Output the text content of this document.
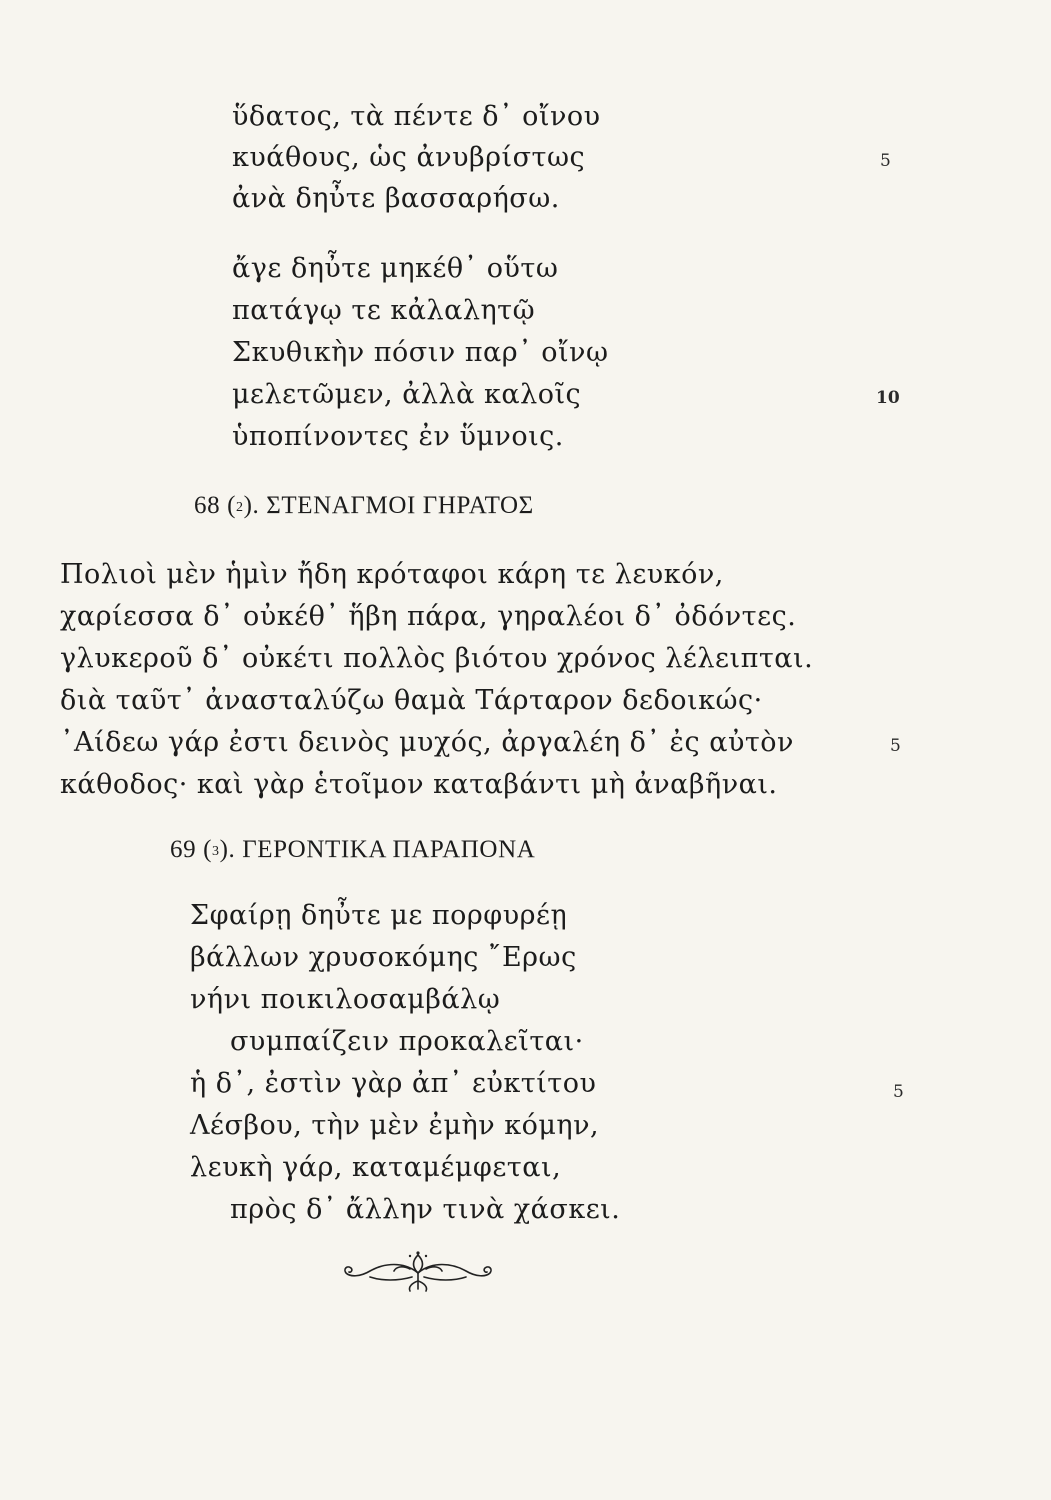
ὕδατος, τὰ πέντε δ᾽ οἴνου
κυάθους, ὡς ἀνυβρίστως	5
ἀνὰ δηὖτε βασσαρήσω.
ἄγε δηὖτε μηκέθ᾽ οὕτω
πατάγῳ τε κἀλαλητῷ
Σκυθικὴν πόσιν παρ᾽ οἴνῳ
μελετῶμεν, ἀλλὰ καλοῖς	10
ὑποπίνοντες ἐν ὕμνοις.
68 ($^2$). ΣΤΕΝΑΓΜΟΙ ΓΗΡΑΤΟΣ
Πολιοὶ μὲν ἡμὶν ἤδη κρόταφοι κάρη τε λευκόν,
χαρίεσσα δ᾽ οὐκέθ᾽ ἥβη πάρα, γηραλέοι δ᾽ ὀδόντες.
γλυκεροῦ δ᾽ οὐκέτι πολλὸς βιότου χρόνος λέλειπται.
διὰ ταῦτ᾽ ἀνασταλύζω θαμὰ Τάρταρον δεδοικώς·
᾽Αίδεω γάρ ἐστι δεινὸς μυχός, ἀργαλέη δ᾽ ἐς αὐτὸν	5
κάθοδος· καὶ γὰρ ἑτοῖμον καταβάντι μὴ ἀναβῆναι.
69 ($^3$). ΓΕΡΟΝΤΙΚΑ ΠΑΡΑΠΟΝΑ
Σφαίρῃ δηὖτε με πορφυρέῃ
βάλλων χρυσοκόμης ῎Ερως
νήνι ποικιλοσαμβάλῳ
συμπαίζειν προκαλεῖται·
ἡ δ᾽, ἐστὶν γὰρ ἀπ᾽ εὐκτίτου	5
Λέσβου, τὴν μὲν ἐμὴν κόμην,
λευκὴ γάρ, καταμέμφεται,
πρὸς δ᾽ ἄλλην τινὰ χάσκει.
